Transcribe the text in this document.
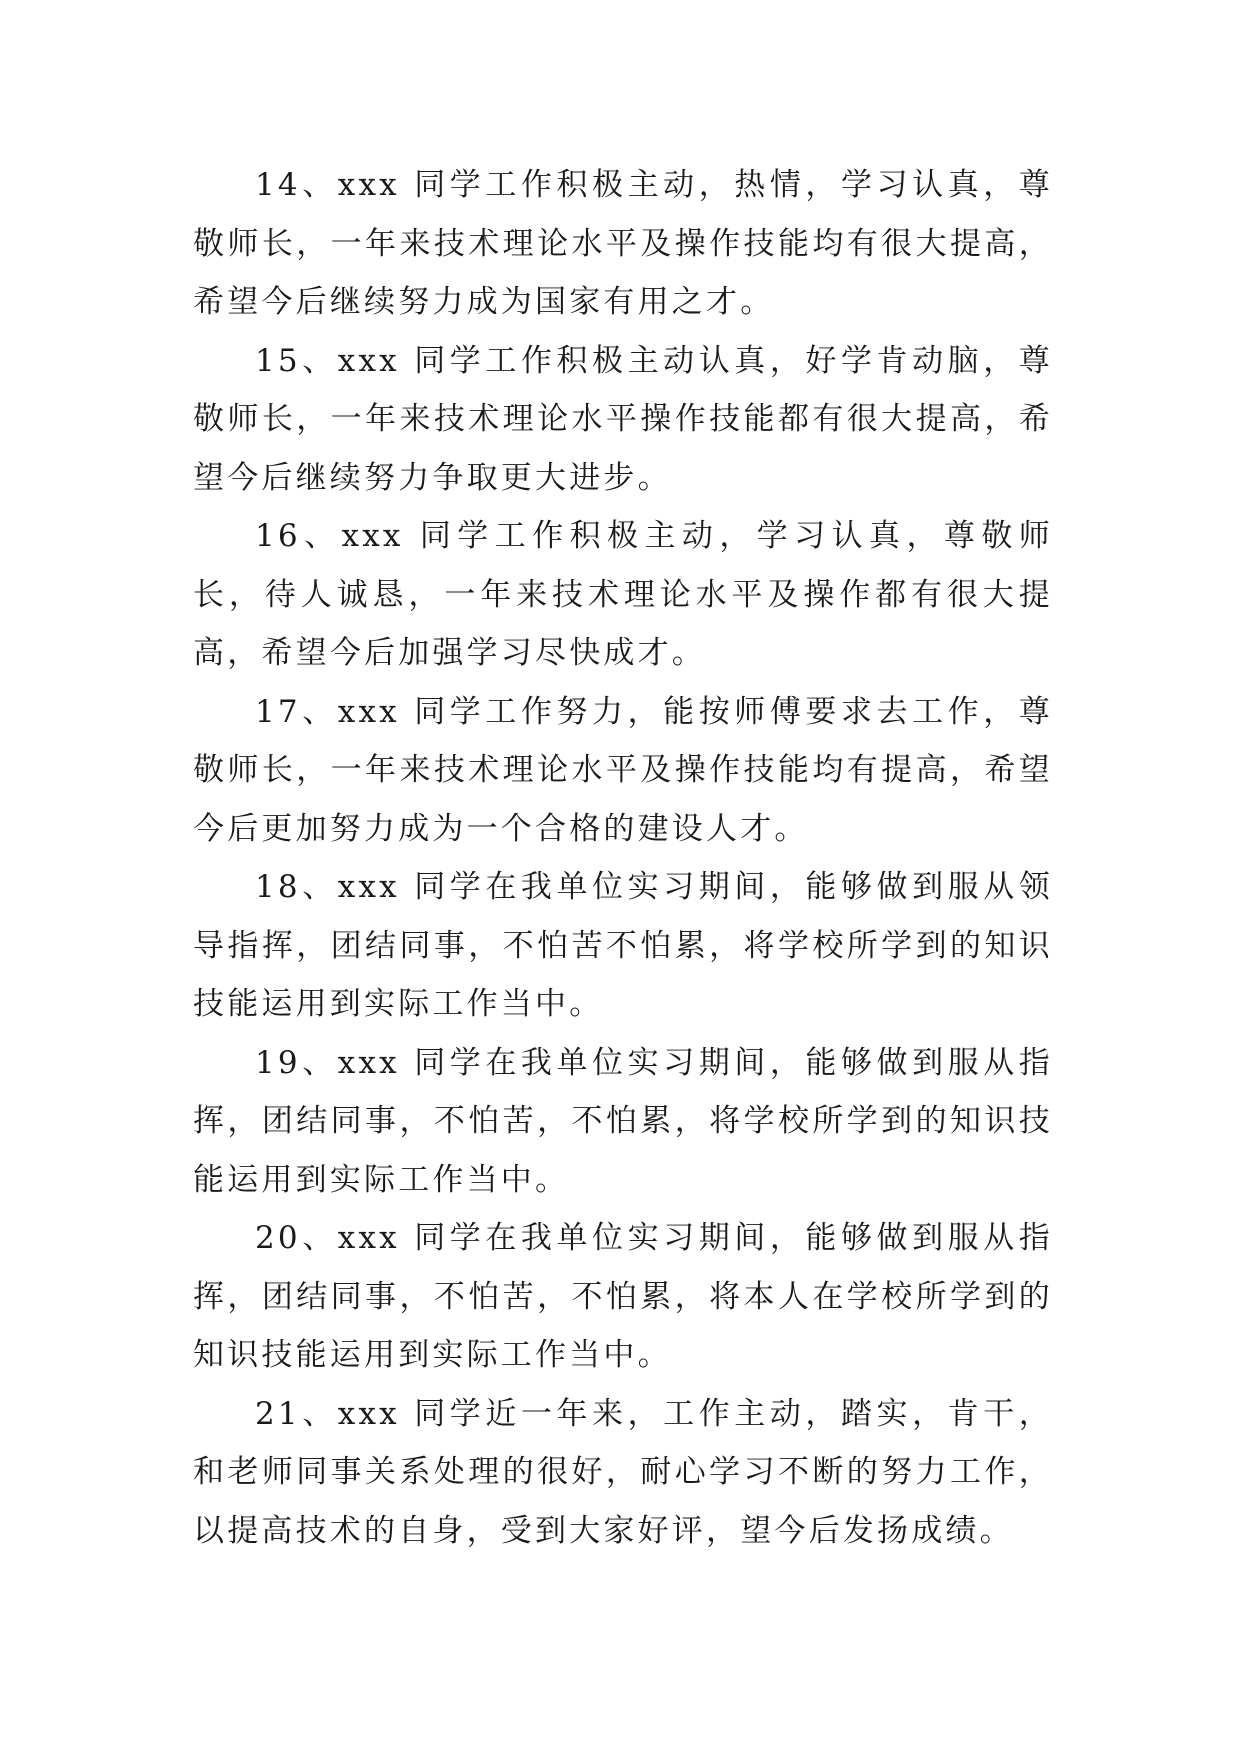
14、xxx 同学工作积极主动，热情，学习认真，尊敬师长，一年来技术理论水平及操作技能均有很大提高，希望今后继续努力成为国家有用之才。

15、xxx 同学工作积极主动认真，好学肯动脑，尊敬师长，一年来技术理论水平操作技能都有很大提高，希望今后继续努力争取更大进步。

16、xxx 同学工作积极主动，学习认真，尊敬师长，待人诚恳，一年来技术理论水平及操作都有很大提高，希望今后加强学习尽快成才。

17、xxx 同学工作努力，能按师傅要求去工作，尊敬师长，一年来技术理论水平及操作技能均有提高，希望今后更加努力成为一个合格的建设人才。

18、xxx 同学在我单位实习期间，能够做到服从领导指挥，团结同事，不怕苦不怕累，将学校所学到的知识技能运用到实际工作当中。

19、xxx 同学在我单位实习期间，能够做到服从指挥，团结同事，不怕苦，不怕累，将学校所学到的知识技能运用到实际工作当中。

20、xxx 同学在我单位实习期间，能够做到服从指挥，团结同事，不怕苦，不怕累，将本人在学校所学到的知识技能运用到实际工作当中。

21、xxx 同学近一年来，工作主动，踏实，肯干，和老师同事关系处理的很好，耐心学习不断的努力工作，以提高技术的自身，受到大家好评，望今后发扬成绩。
